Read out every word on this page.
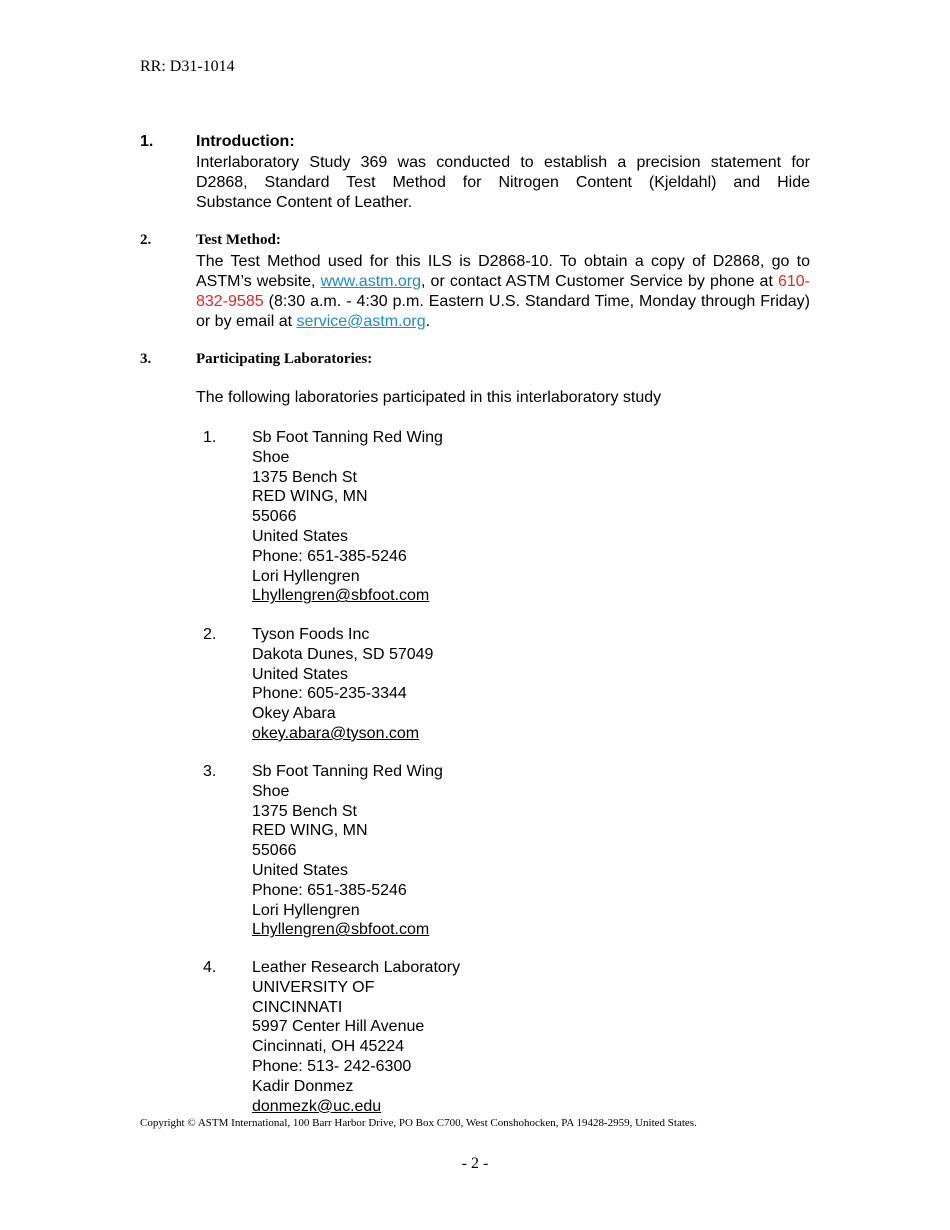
RR: D31-1014
1.	Introduction:
Interlaboratory Study 369 was conducted to establish a precision statement for
D2868, Standard Test Method for Nitrogen Content (Kjeldahl) and Hide
Substance Content of Leather.
2.	Test Method:
The Test Method used for this ILS is D2868-10. To obtain a copy of D2868, go to ASTM’s website, www.astm.org, or contact ASTM Customer Service by phone at 610-832-9585 (8:30 a.m. - 4:30 p.m. Eastern U.S. Standard Time, Monday through Friday) or by email at service@astm.org.
3.	Participating Laboratories:
The following laboratories participated in this interlaboratory study
1. Sb Foot Tanning Red Wing
Shoe
1375 Bench St
RED WING, MN
55066
United States
Phone: 651-385-5246
Lori Hyllengren
Lhyllengren@sbfoot.com
2. Tyson Foods Inc
Dakota Dunes, SD 57049
United States
Phone: 605-235-3344
Okey Abara
okey.abara@tyson.com
3. Sb Foot Tanning Red Wing
Shoe
1375 Bench St
RED WING, MN
55066
United States
Phone: 651-385-5246
Lori Hyllengren
Lhyllengren@sbfoot.com
4. Leather Research Laboratory
UNIVERSITY OF
CINCINNATI
5997 Center Hill Avenue
Cincinnati, OH 45224
Phone: 513- 242-6300
Kadir Donmez
donmezk@uc.edu
Copyright © ASTM International, 100 Barr Harbor Drive, PO Box C700, West Conshohocken, PA 19428-2959, United States.
- 2 -
